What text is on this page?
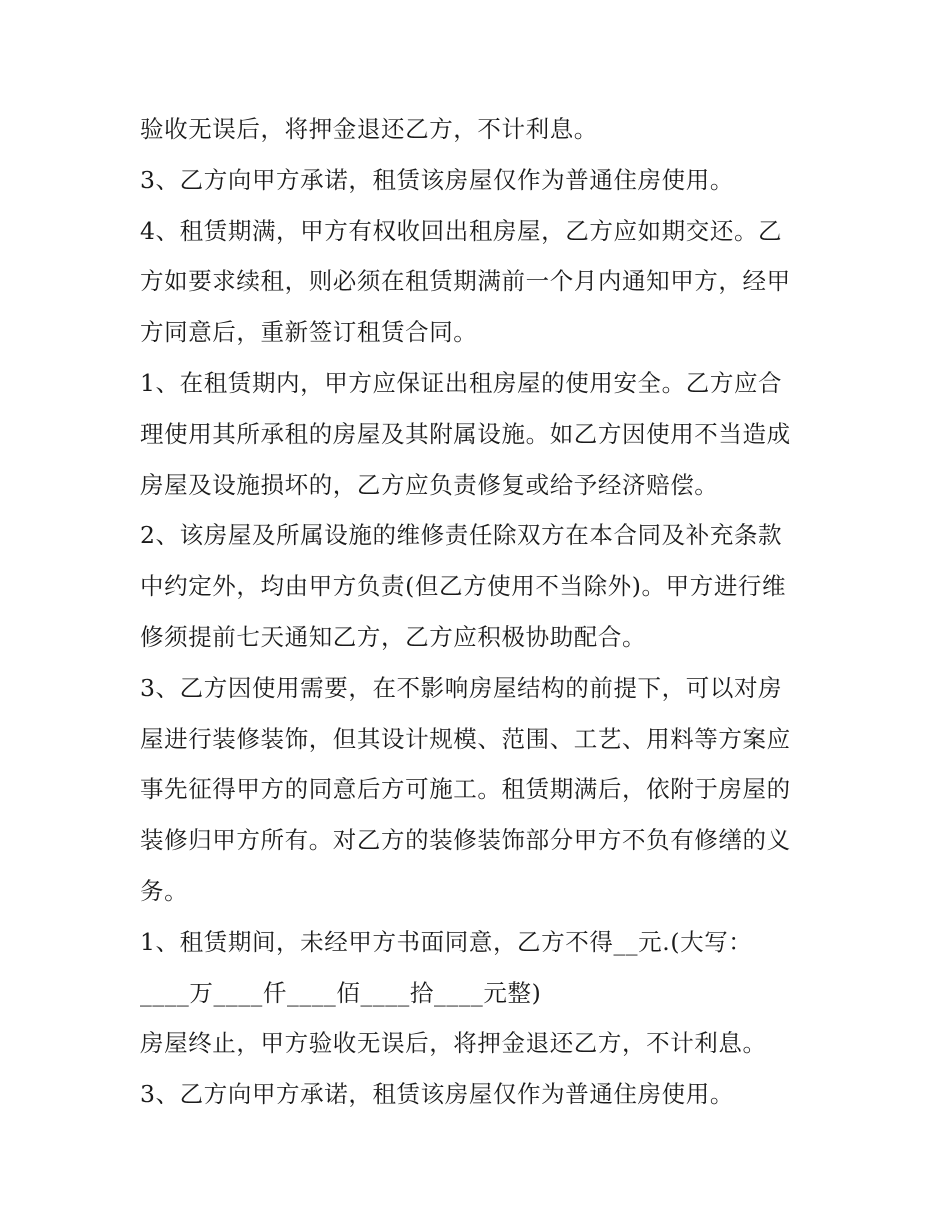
验收无误后，将押金退还乙方，不计利息。
3、乙方向甲方承诺，租赁该房屋仅作为普通住房使用。
4、租赁期满，甲方有权收回出租房屋，乙方应如期交还。乙
方如要求续租，则必须在租赁期满前一个月内通知甲方，经甲
方同意后，重新签订租赁合同。
1、在租赁期内，甲方应保证出租房屋的使用安全。乙方应合
理使用其所承租的房屋及其附属设施。如乙方因使用不当造成
房屋及设施损坏的，乙方应负责修复或给予经济赔偿。
2、该房屋及所属设施的维修责任除双方在本合同及补充条款
中约定外，均由甲方负责(但乙方使用不当除外)。甲方进行维
修须提前七天通知乙方，乙方应积极协助配合。
3、乙方因使用需要，在不影响房屋结构的前提下，可以对房
屋进行装修装饰，但其设计规模、范围、工艺、用料等方案应
事先征得甲方的同意后方可施工。租赁期满后，依附于房屋的
装修归甲方所有。对乙方的装修装饰部分甲方不负有修缮的义
务。
1、租赁期间，未经甲方书面同意，乙方不得__元.(大写：
____万____仟____佰____拾____元整)
房屋终止，甲方验收无误后，将押金退还乙方，不计利息。
3、乙方向甲方承诺，租赁该房屋仅作为普通住房使用。
